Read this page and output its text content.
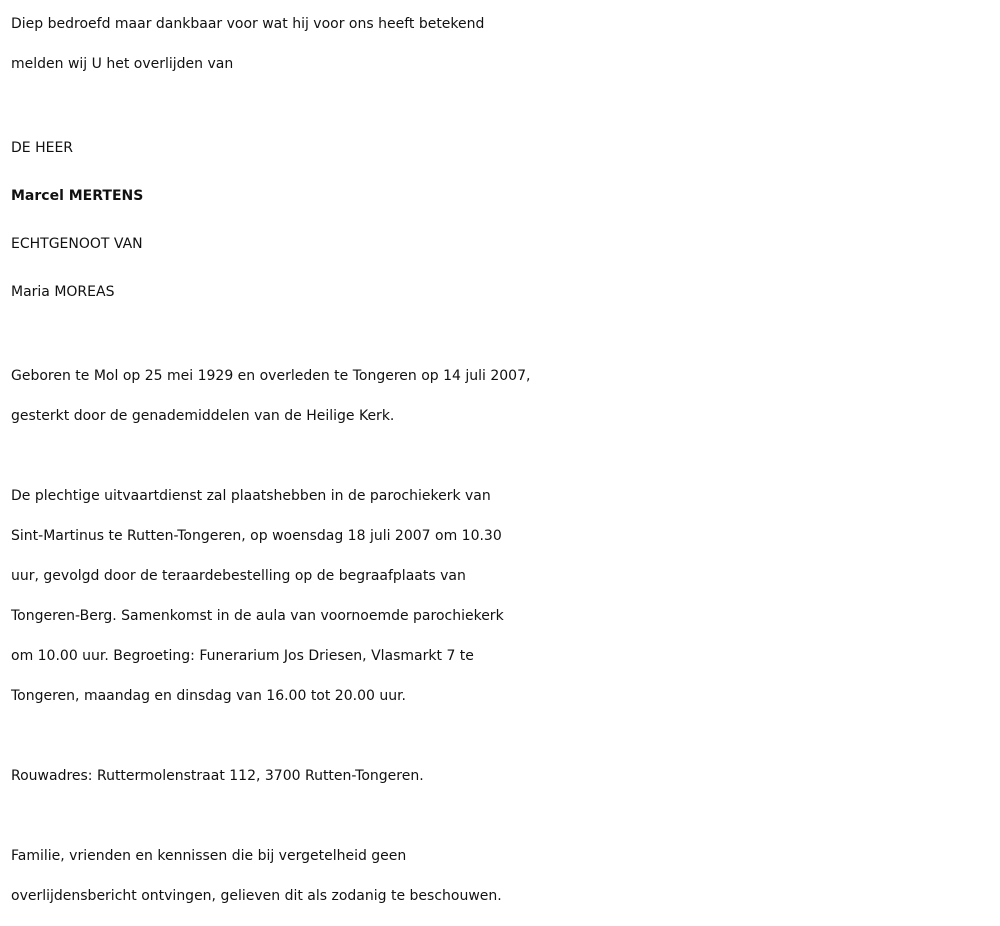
Diep bedroefd maar dankbaar voor wat hij voor ons heeft betekend

melden wij U het overlijden van

DE HEER

Marcel MERTENS

ECHTGENOOT VAN

Maria MOREAS

Geboren te Mol op 25 mei 1929 en overleden te Tongeren op 14 juli 2007,

gesterkt door de genademiddelen van de Heilige Kerk.

De plechtige uitvaartdienst zal plaatshebben in de parochiekerk van

Sint-Martinus te Rutten-Tongeren, op woensdag 18 juli 2007 om 10.30

uur, gevolgd door de teraardebestelling op de begraafplaats van

Tongeren-Berg. Samenkomst in de aula van voornoemde parochiekerk

om 10.00 uur. Begroeting: Funerarium Jos Driesen, Vlasmarkt 7 te

Tongeren, maandag en dinsdag van 16.00 tot 20.00 uur.

Rouwadres: Ruttermolenstraat 112, 3700 Rutten-Tongeren.

Familie, vrienden en kennissen die bij vergetelheid geen

overlijdensbericht ontvingen, gelieven dit als zodanig te beschouwen.
